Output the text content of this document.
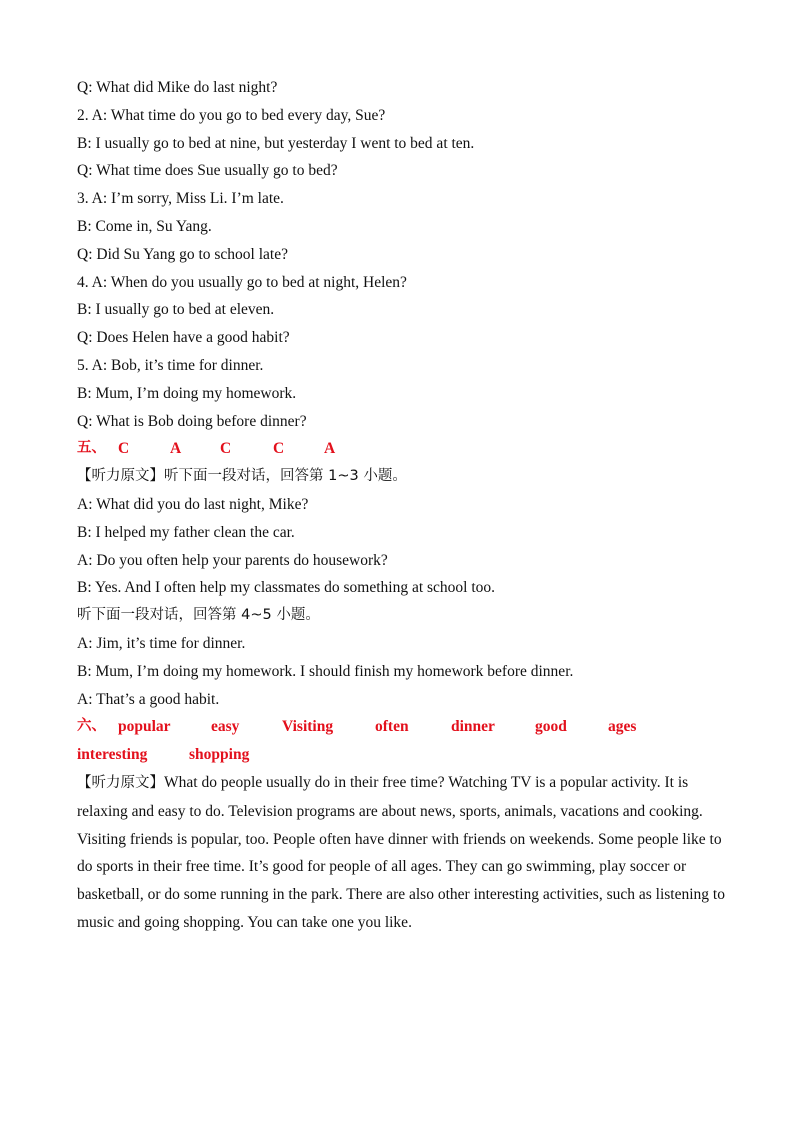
Q: What did Mike do last night?
2. A: What time do you go to bed every day, Sue?
B: I usually go to bed at nine, but yesterday I went to bed at ten.
Q: What time does Sue usually go to bed?
3. A: I’m sorry, Miss Li. I’m late.
B: Come in, Su Yang.
Q: Did Su Yang go to school late?
4. A: When do you usually go to bed at night, Helen?
B: I usually go to bed at eleven.
Q: Does Helen have a good habit?
5. A: Bob, it’s time for dinner.
B: Mum, I’m doing my homework.
Q: What is Bob doing before dinner?
五、 C	A	C	C	A
【听力原文】听下面一段对话，回答第 1~3 小题。
A: What did you do last night, Mike?
B: I helped my father clean the car.
A: Do you often help your parents do housework?
B: Yes. And I often help my classmates do something at school too.
听下面一段对话，回答第 4~5 小题。
A: Jim, it’s time for dinner.
B: Mum, I’m doing my homework. I should finish my homework before dinner.
A: That’s a good habit.
六、 popular	easy	Visiting	often	dinner	good	ages
interesting	shopping
【听力原文】What do people usually do in their free time? Watching TV is a popular activity. It is relaxing and easy to do. Television programs are about news, sports, animals, vacations and cooking. Visiting friends is popular, too. People often have dinner with friends on weekends. Some people like to do sports in their free time. It’s good for people of all ages. They can go swimming, play soccer or basketball, or do some running in the park. There are also other interesting activities, such as listening to music and going shopping. You can take one you like.
